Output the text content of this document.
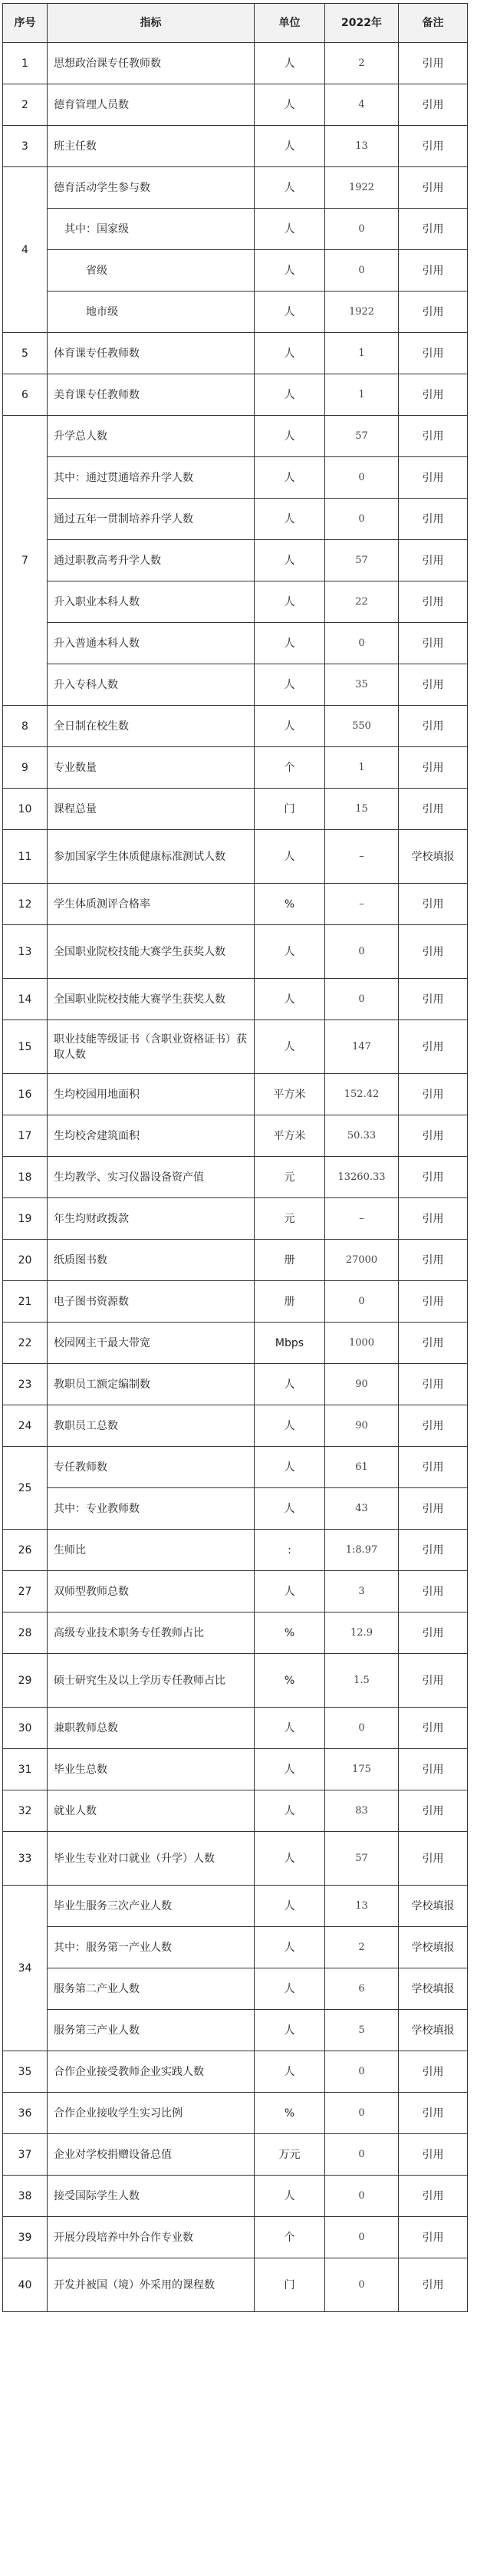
序号	指标	单位	2022年	备注
1	思想政治课专任教师数	人	2	引用
2	德育管理人员数	人	4	引用
3	班主任数	人	13	引用
4	德育活动学生参与数	人	1922	引用
	其中：国家级	人	0	引用
	省级	人	0	引用
	地市级	人	1922	引用
5	体育课专任教师数	人	1	引用
6	美育课专任教师数	人	1	引用
7	升学总人数	人	57	引用
	其中：通过贯通培养升学人数	人	0	引用
	通过五年一贯制培养升学人数	人	0	引用
	通过职教高考升学人数	人	57	引用
	升入职业本科人数	人	22	引用
	升入普通本科人数	人	0	引用
	升入专科人数	人	35	引用
8	全日制在校生数	人	550	引用
9	专业数量	个	1	引用
10	课程总量	门	15	引用
11	参加国家学生体质健康标准测试人数	人	–	学校填报
12	学生体质测评合格率	%	–	引用
13	全国职业院校技能大赛学生获奖人数	人	0	引用
14	全国职业院校技能大赛学生获奖人数	人	0	引用
15	职业技能等级证书（含职业资格证书）获取人数	人	147	引用
16	生均校园用地面积	平方米	152.42	引用
17	生均校舍建筑面积	平方米	50.33	引用
18	生均教学、实习仪器设备资产值	元	13260.33	引用
19	年生均财政拨款	元	–	引用
20	纸质图书数	册	27000	引用
21	电子图书资源数	册	0	引用
22	校园网主干最大带宽	Mbps	1000	引用
23	教职员工额定编制数	人	90	引用
24	教职员工总数	人	90	引用
25	专任教师数	人	61	引用
	其中：专业教师数	人	43	引用
26	生师比	:	1:8.97	引用
27	双师型教师总数	人	3	引用
28	高级专业技术职务专任教师占比	%	12.9	引用
29	硕士研究生及以上学历专任教师占比	%	1.5	引用
30	兼职教师总数	人	0	引用
31	毕业生总数	人	175	引用
32	就业人数	人	83	引用
33	毕业生专业对口就业（升学）人数	人	57	引用
34	毕业生服务三次产业人数	人	13	学校填报
	其中：服务第一产业人数	人	2	学校填报
	服务第二产业人数	人	6	学校填报
	服务第三产业人数	人	5	学校填报
35	合作企业接受教师企业实践人数	人	0	引用
36	合作企业接收学生实习比例	%	0	引用
37	企业对学校捐赠设备总值	万元	0	引用
38	接受国际学生人数	人	0	引用
39	开展分段培养中外合作专业数	个	0	引用
40	开发并被国（境）外采用的课程数	门	0	引用
